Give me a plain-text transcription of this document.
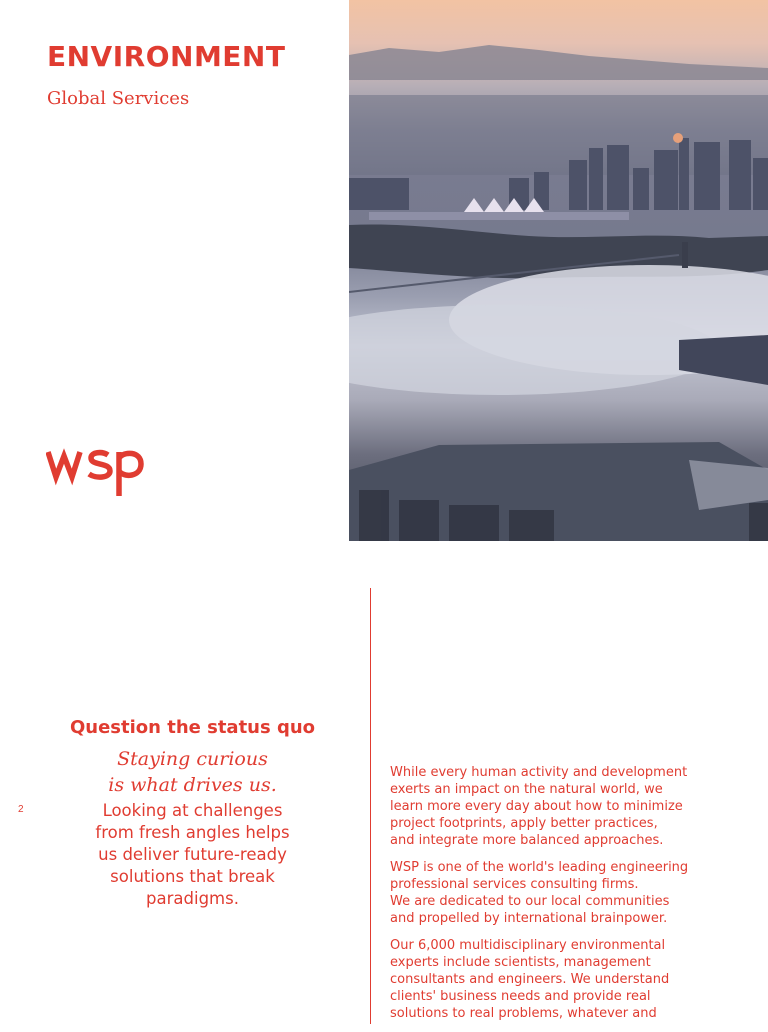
ENVIRONMENT
Global Services
2
Question the status quo
Staying curious
is what drives us.
Looking at challenges
from fresh angles helps
us deliver future-ready
solutions that break
paradigms.

While every human activity and development
exerts an impact on the natural world, we
learn more every day about how to minimize
project footprints, apply better practices,
and integrate more balanced approaches.

WSP is one of the world's leading engineering
professional services consulting firms.
We are dedicated to our local communities
and propelled by international brainpower.

Our 6,000 multidisciplinary environmental
experts include scientists, management
consultants and engineers. We understand
clients' business needs and provide real
solutions to real problems, whatever and
